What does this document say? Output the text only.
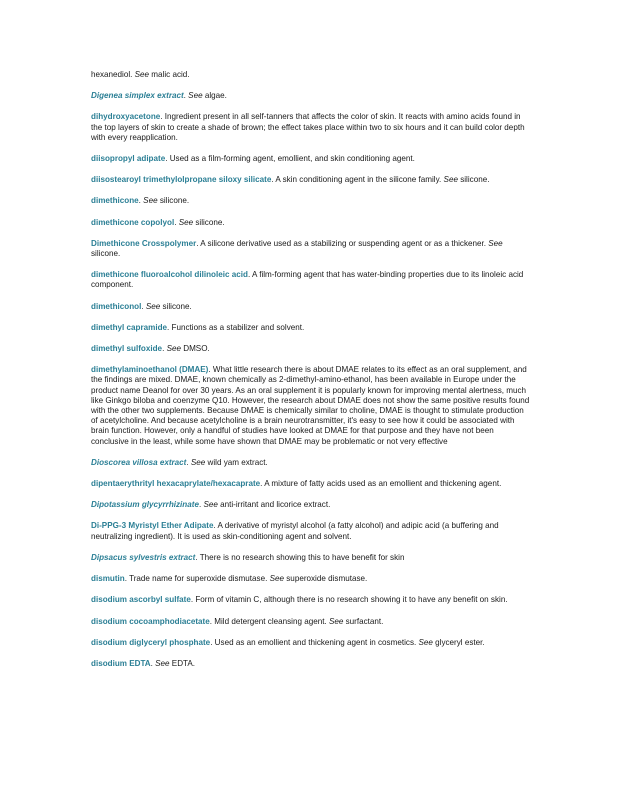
hexanediol. See malic acid.

Digenea simplex extract. See algae.

dihydroxyacetone. Ingredient present in all self-tanners that affects the color of skin. It reacts with amino acids found in the top layers of skin to create a shade of brown; the effect takes place within two to six hours and it can build color depth with every reapplication.

diisopropyl adipate. Used as a film-forming agent, emollient, and skin conditioning agent.

diisostearoyl trimethylolpropane siloxy silicate. A skin conditioning agent in the silicone family. See silicone.

dimethicone. See silicone.

dimethicone copolyol. See silicone.

Dimethicone Crosspolymer. A silicone derivative used as a stabilizing or suspending agent or as a thickener. See silicone.

dimethicone fluoroalcohol dilinoleic acid. A film-forming agent that has water-binding properties due to its linoleic acid component.

dimethiconol. See silicone.

dimethyl capramide. Functions as a stabilizer and solvent.

dimethyl sulfoxide. See DMSO.

dimethylaminoethanol (DMAE). What little research there is about DMAE relates to its effect as an oral supplement, and the findings are mixed. DMAE, known chemically as 2-dimethyl-amino-ethanol, has been available in Europe under the product name Deanol for over 30 years. As an oral supplement it is popularly known for improving mental alertness, much like Ginkgo biloba and coenzyme Q10. However, the research about DMAE does not show the same positive results found with the other two supplements. Because DMAE is chemically similar to choline, DMAE is thought to stimulate production of acetylcholine. And because acetylcholine is a brain neurotransmitter, it's easy to see how it could be associated with brain function. However, only a handful of studies have looked at DMAE for that purpose and they have not been conclusive in the least, while some have shown that DMAE may be problematic or not very effective

Dioscorea villosa extract. See wild yam extract.

dipentaerythrityl hexacaprylate/hexacaprate. A mixture of fatty acids used as an emollient and thickening agent.

Dipotassium glycyrrhizinate. See anti-irritant and licorice extract.

Di-PPG-3 Myristyl Ether Adipate. A derivative of myristyl alcohol (a fatty alcohol) and adipic acid (a buffering and neutralizing ingredient). It is used as skin-conditioning agent and solvent.

Dipsacus sylvestris extract. There is no research showing this to have benefit for skin

dismutin. Trade name for superoxide dismutase. See superoxide dismutase.

disodium ascorbyl sulfate. Form of vitamin C, although there is no research showing it to have any benefit on skin.

disodium cocoamphodiacetate. Mild detergent cleansing agent. See surfactant.

disodium diglyceryl phosphate. Used as an emollient and thickening agent in cosmetics. See glyceryl ester.

disodium EDTA. See EDTA.
